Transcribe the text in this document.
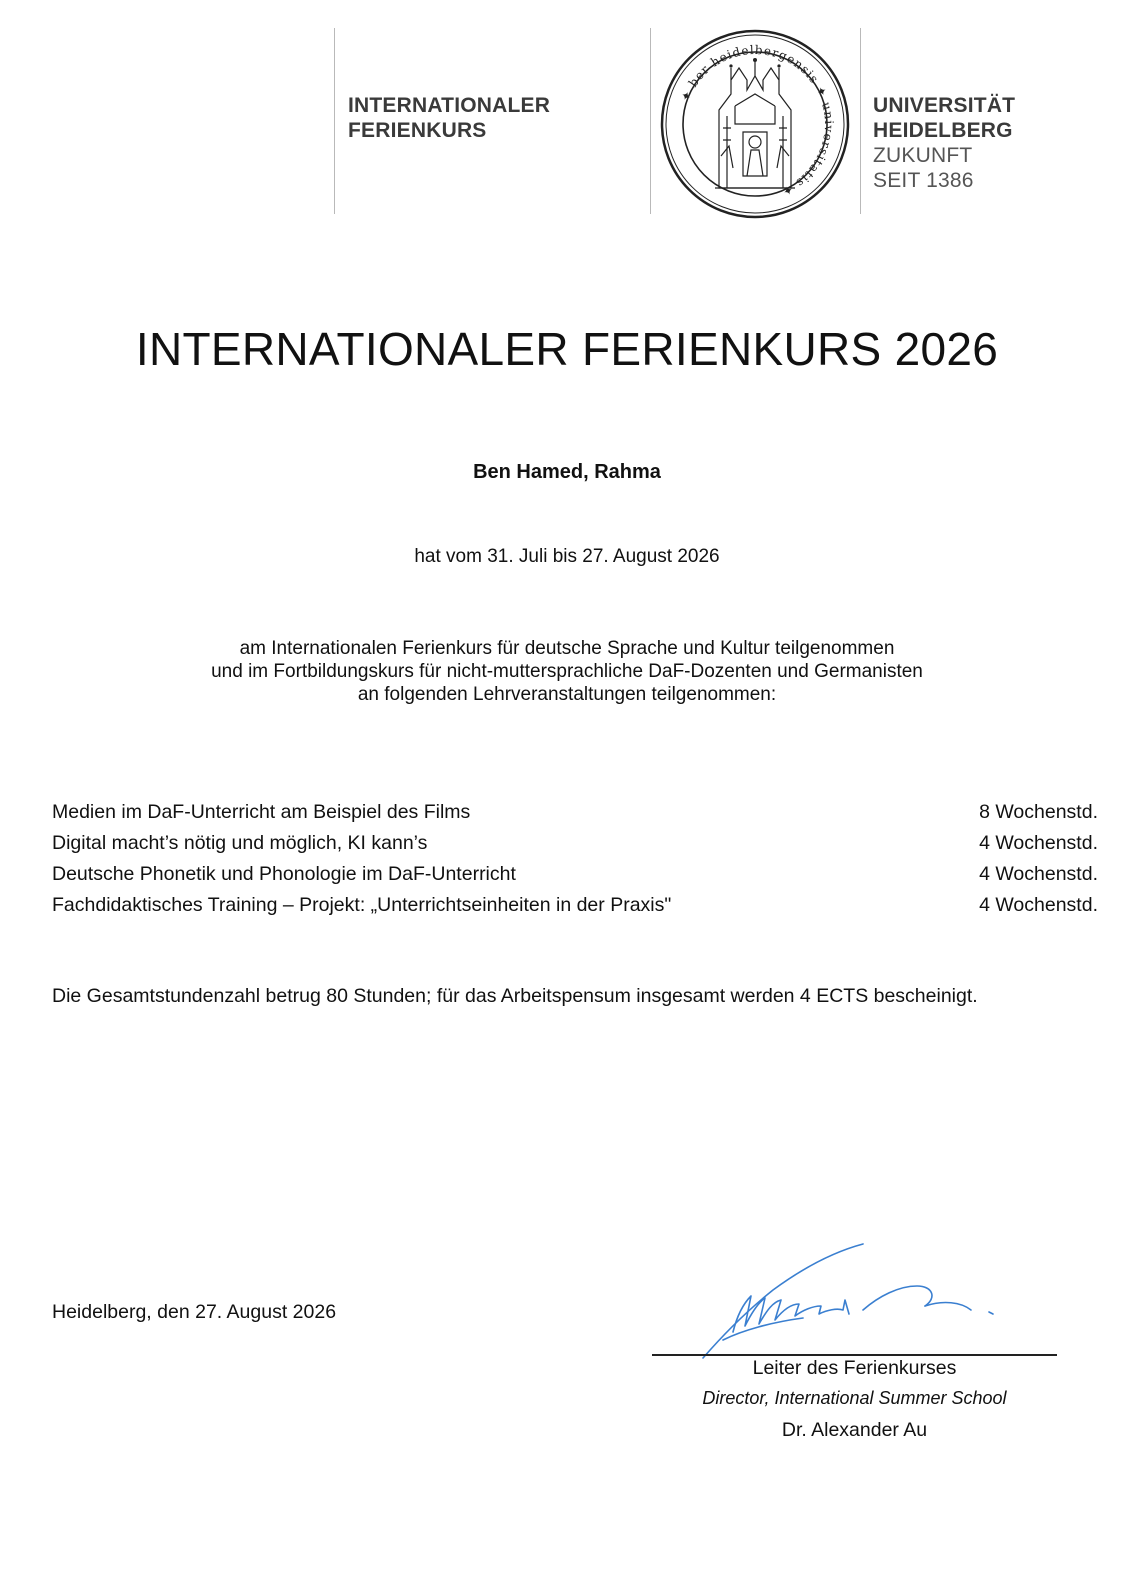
INTERNATIONALER
FERIENKURS
✦ ber heidelbergensis ✦ universitatis ✦
UNIVERSITÄT
HEIDELBERG
ZUKUNFT
SEIT 1386
INTERNATIONALER FERIENKURS 2026
Ben Hamed, Rahma
hat vom 31. Juli bis 27. August 2026
am Internationalen Ferienkurs für deutsche Sprache und Kultur teilgenommen
und im Fortbildungskurs für nicht-muttersprachliche DaF-Dozenten und Germanisten
an folgenden Lehrveranstaltungen teilgenommen:
Medien im DaF-Unterricht am Beispiel des Films	8 Wochenstd.
Digital macht’s nötig und möglich, KI kann’s	4 Wochenstd.
Deutsche Phonetik und Phonologie im DaF-Unterricht	4 Wochenstd.
Fachdidaktisches Training – Projekt: „Unterrichtseinheiten in der Praxis"	4 Wochenstd.
Die Gesamtstundenzahl betrug 80 Stunden; für das Arbeitspensum insgesamt werden 4 ECTS bescheinigt.
Heidelberg, den 27. August 2026
Leiter des Ferienkurses
Director, International Summer School
Dr. Alexander Au
